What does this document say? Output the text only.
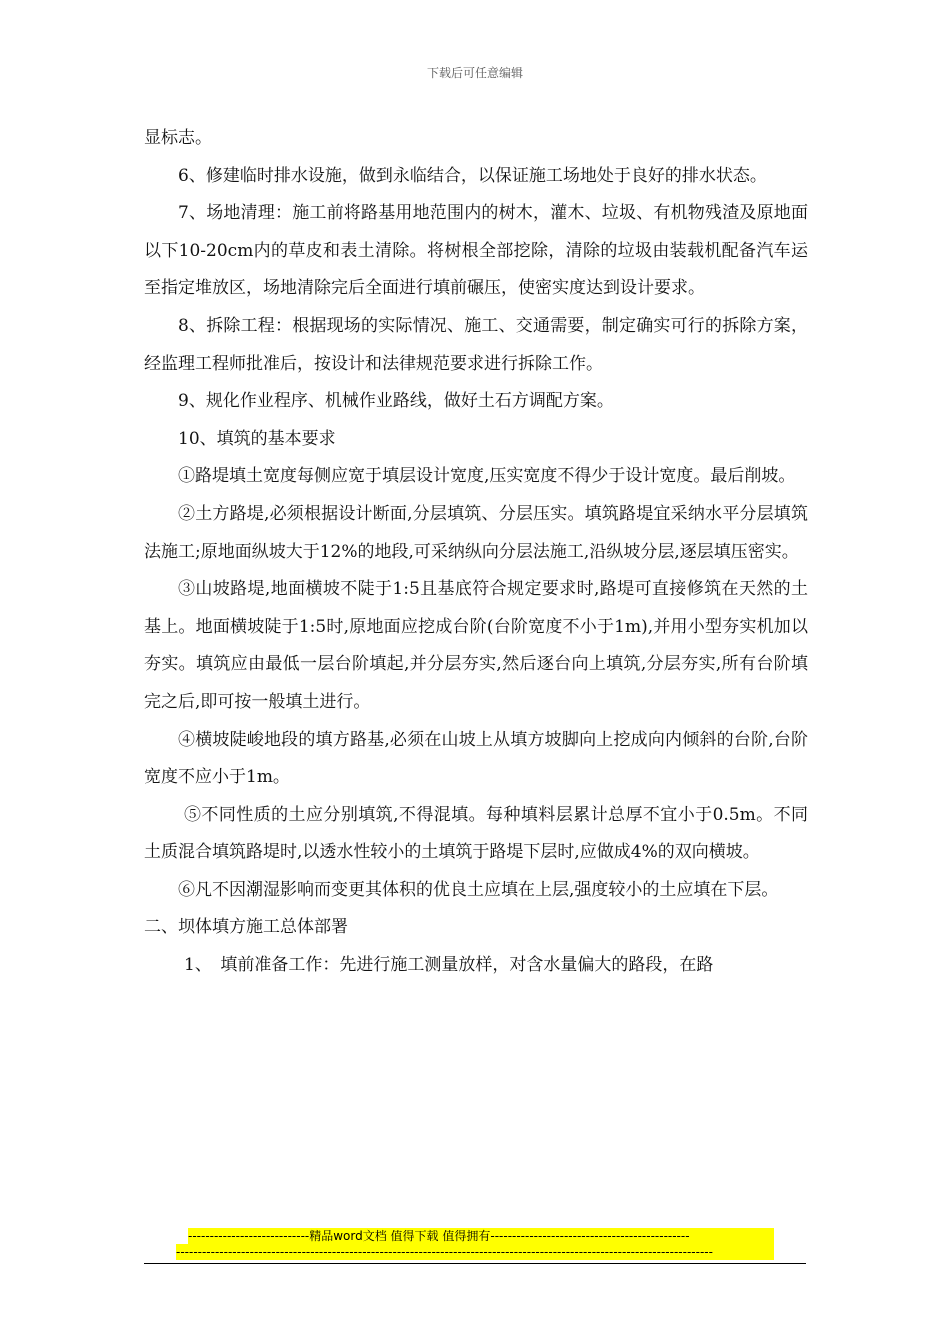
下载后可任意编辑

显标志。

6、修建临时排水设施，做到永临结合，以保证施工场地处于良好的排水状态。

7、场地清理：施工前将路基用地范围内的树木，灌木、垃圾、有机物残渣及原地面以下10-20cm内的草皮和表土清除。将树根全部挖除，清除的垃圾由装载机配备汽车运至指定堆放区，场地清除完后全面进行填前碾压，使密实度达到设计要求。

8、拆除工程：根据现场的实际情况、施工、交通需要，制定确实可行的拆除方案，经监理工程师批准后，按设计和法律规范要求进行拆除工作。

9、规化作业程序、机械作业路线，做好土石方调配方案。

10、填筑的基本要求

①路堤填土宽度每侧应宽于填层设计宽度,压实宽度不得少于设计宽度。最后削坡。

②土方路堤,必须根据设计断面,分层填筑、分层压实。填筑路堤宜采纳水平分层填筑法施工;原地面纵坡大于12%的地段,可采纳纵向分层法施工,沿纵坡分层,逐层填压密实。

③山坡路堤,地面横坡不陡于1:5且基底符合规定要求时,路堤可直接修筑在天然的土基上。地面横坡陡于1:5时,原地面应挖成台阶(台阶宽度不小于1m),并用小型夯实机加以夯实。填筑应由最低一层台阶填起,并分层夯实,然后逐台向上填筑,分层夯实,所有台阶填完之后,即可按一般填土进行。

④横坡陡峻地段的填方路基,必须在山坡上从填方坡脚向上挖成向内倾斜的台阶,台阶宽度不应小于1m。

⑤不同性质的土应分别填筑,不得混填。每种填料层累计总厚不宜小于0.5m。不同土质混合填筑路堤时,以透水性较小的土填筑于路堤下层时,应做成4%的双向横坡。

⑥凡不因潮湿影响而变更其体积的优良土应填在上层,强度较小的土应填在下层。

二、坝体填方施工总体部署

1、　填前准备工作：先进行施工测量放样，对含水量偏大的路段，在路

----------------------------精品word文档 值得下载 值得拥有----------------------------------------------
----------------------------------------------------------------------------------------------------------------------------
